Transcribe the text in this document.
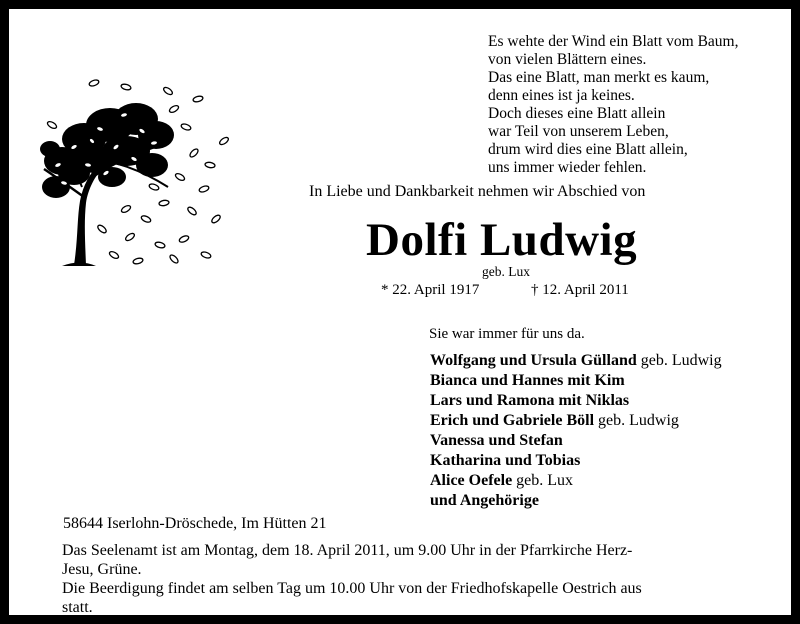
Es wehte der Wind ein Blatt vom Baum,
von vielen Blättern eines.
Das eine Blatt, man merkt es kaum,
denn eines ist ja keines.
Doch dieses eine Blatt allein
war Teil von unserem Leben,
drum wird dies eine Blatt allein,
uns immer wieder fehlen.
In Liebe und Dankbarkeit nehmen wir Abschied von
Dolfi Ludwig
geb. Lux
* 22. April 1917	† 12. April 2011
Sie war immer für uns da.
Wolfgang und Ursula Gülland geb. Ludwig
Bianca und Hannes mit Kim
Lars und Ramona mit Niklas
Erich und Gabriele Böll geb. Ludwig
Vanessa und Stefan
Katharina und Tobias
Alice Oefele geb. Lux
und Angehörige
58644 Iserlohn-Dröschede, Im Hütten 21
Das Seelenamt ist am Montag, dem 18. April 2011, um 9.00 Uhr in der Pfarrkirche Herz-
Jesu, Grüne.
Die Beerdigung findet am selben Tag um 10.00 Uhr von der Friedhofskapelle Oestrich aus
statt.
